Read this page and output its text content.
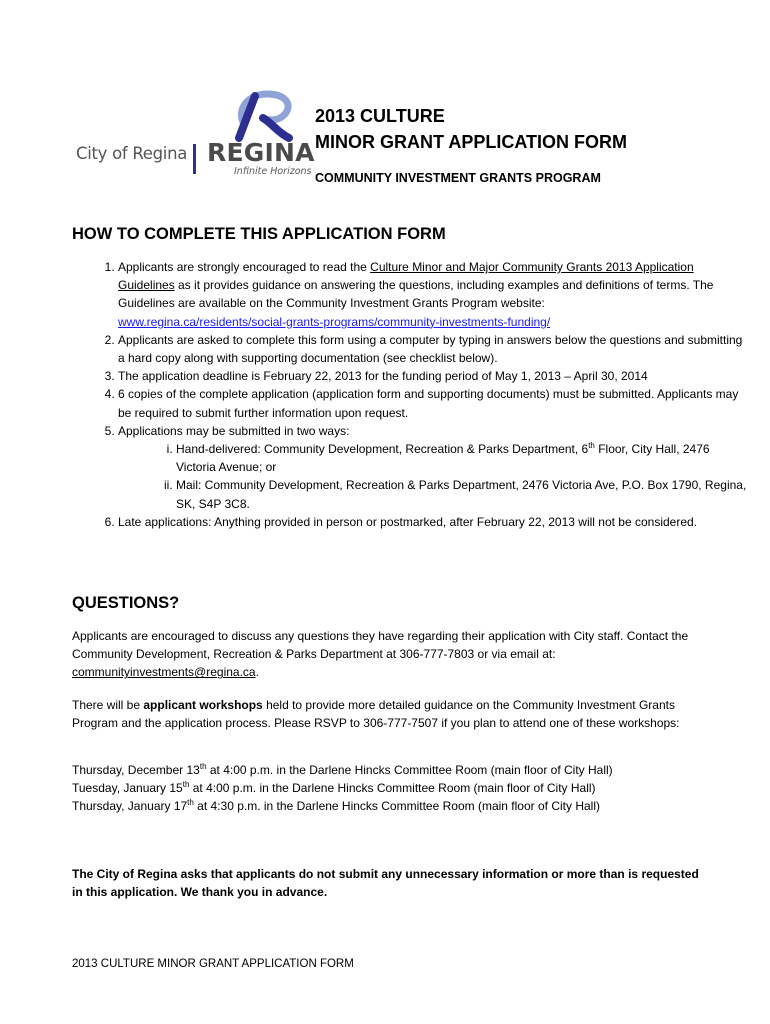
City of Regina REGINA
Infinite Horizons
2013 CULTURE
MINOR GRANT APPLICATION FORM
COMMUNITY INVESTMENT GRANTS PROGRAM
HOW TO COMPLETE THIS APPLICATION FORM
1. Applicants are strongly encouraged to read the Culture Minor and Major Community Grants 2013 Application Guidelines as it provides guidance on answering the questions, including examples and definitions of terms. The Guidelines are available on the Community Investment Grants Program website:
www.regina.ca/residents/social-grants-programs/community-investments-funding/
2. Applicants are asked to complete this form using a computer by typing in answers below the questions and submitting a hard copy along with supporting documentation (see checklist below).
3. The application deadline is February 22, 2013 for the funding period of May 1, 2013 – April 30, 2014
4. 6 copies of the complete application (application form and supporting documents) must be submitted. Applicants may be required to submit further information upon request.
5. Applications may be submitted in two ways:
i. Hand-delivered: Community Development, Recreation & Parks Department, 6th Floor, City Hall, 2476 Victoria Avenue; or
ii. Mail: Community Development, Recreation & Parks Department, 2476 Victoria Ave, P.O. Box 1790, Regina, SK, S4P 3C8.
6. Late applications: Anything provided in person or postmarked, after February 22, 2013 will not be considered.
QUESTIONS?

Applicants are encouraged to discuss any questions they have regarding their application with City staff. Contact the Community Development, Recreation & Parks Department at 306-777-7803 or via email at: communityinvestments@regina.ca.

There will be applicant workshops held to provide more detailed guidance on the Community Investment Grants Program and the application process. Please RSVP to 306-777-7507 if you plan to attend one of these workshops:

Thursday, December 13th at 4:00 p.m. in the Darlene Hincks Committee Room (main floor of City Hall)
Tuesday, January 15th at 4:00 p.m. in the Darlene Hincks Committee Room (main floor of City Hall)
Thursday, January 17th at 4:30 p.m. in the Darlene Hincks Committee Room (main floor of City Hall)

The City of Regina asks that applicants do not submit any unnecessary information or more than is requested in this application. We thank you in advance.

2013 CULTURE MINOR GRANT APPLICATION FORM
